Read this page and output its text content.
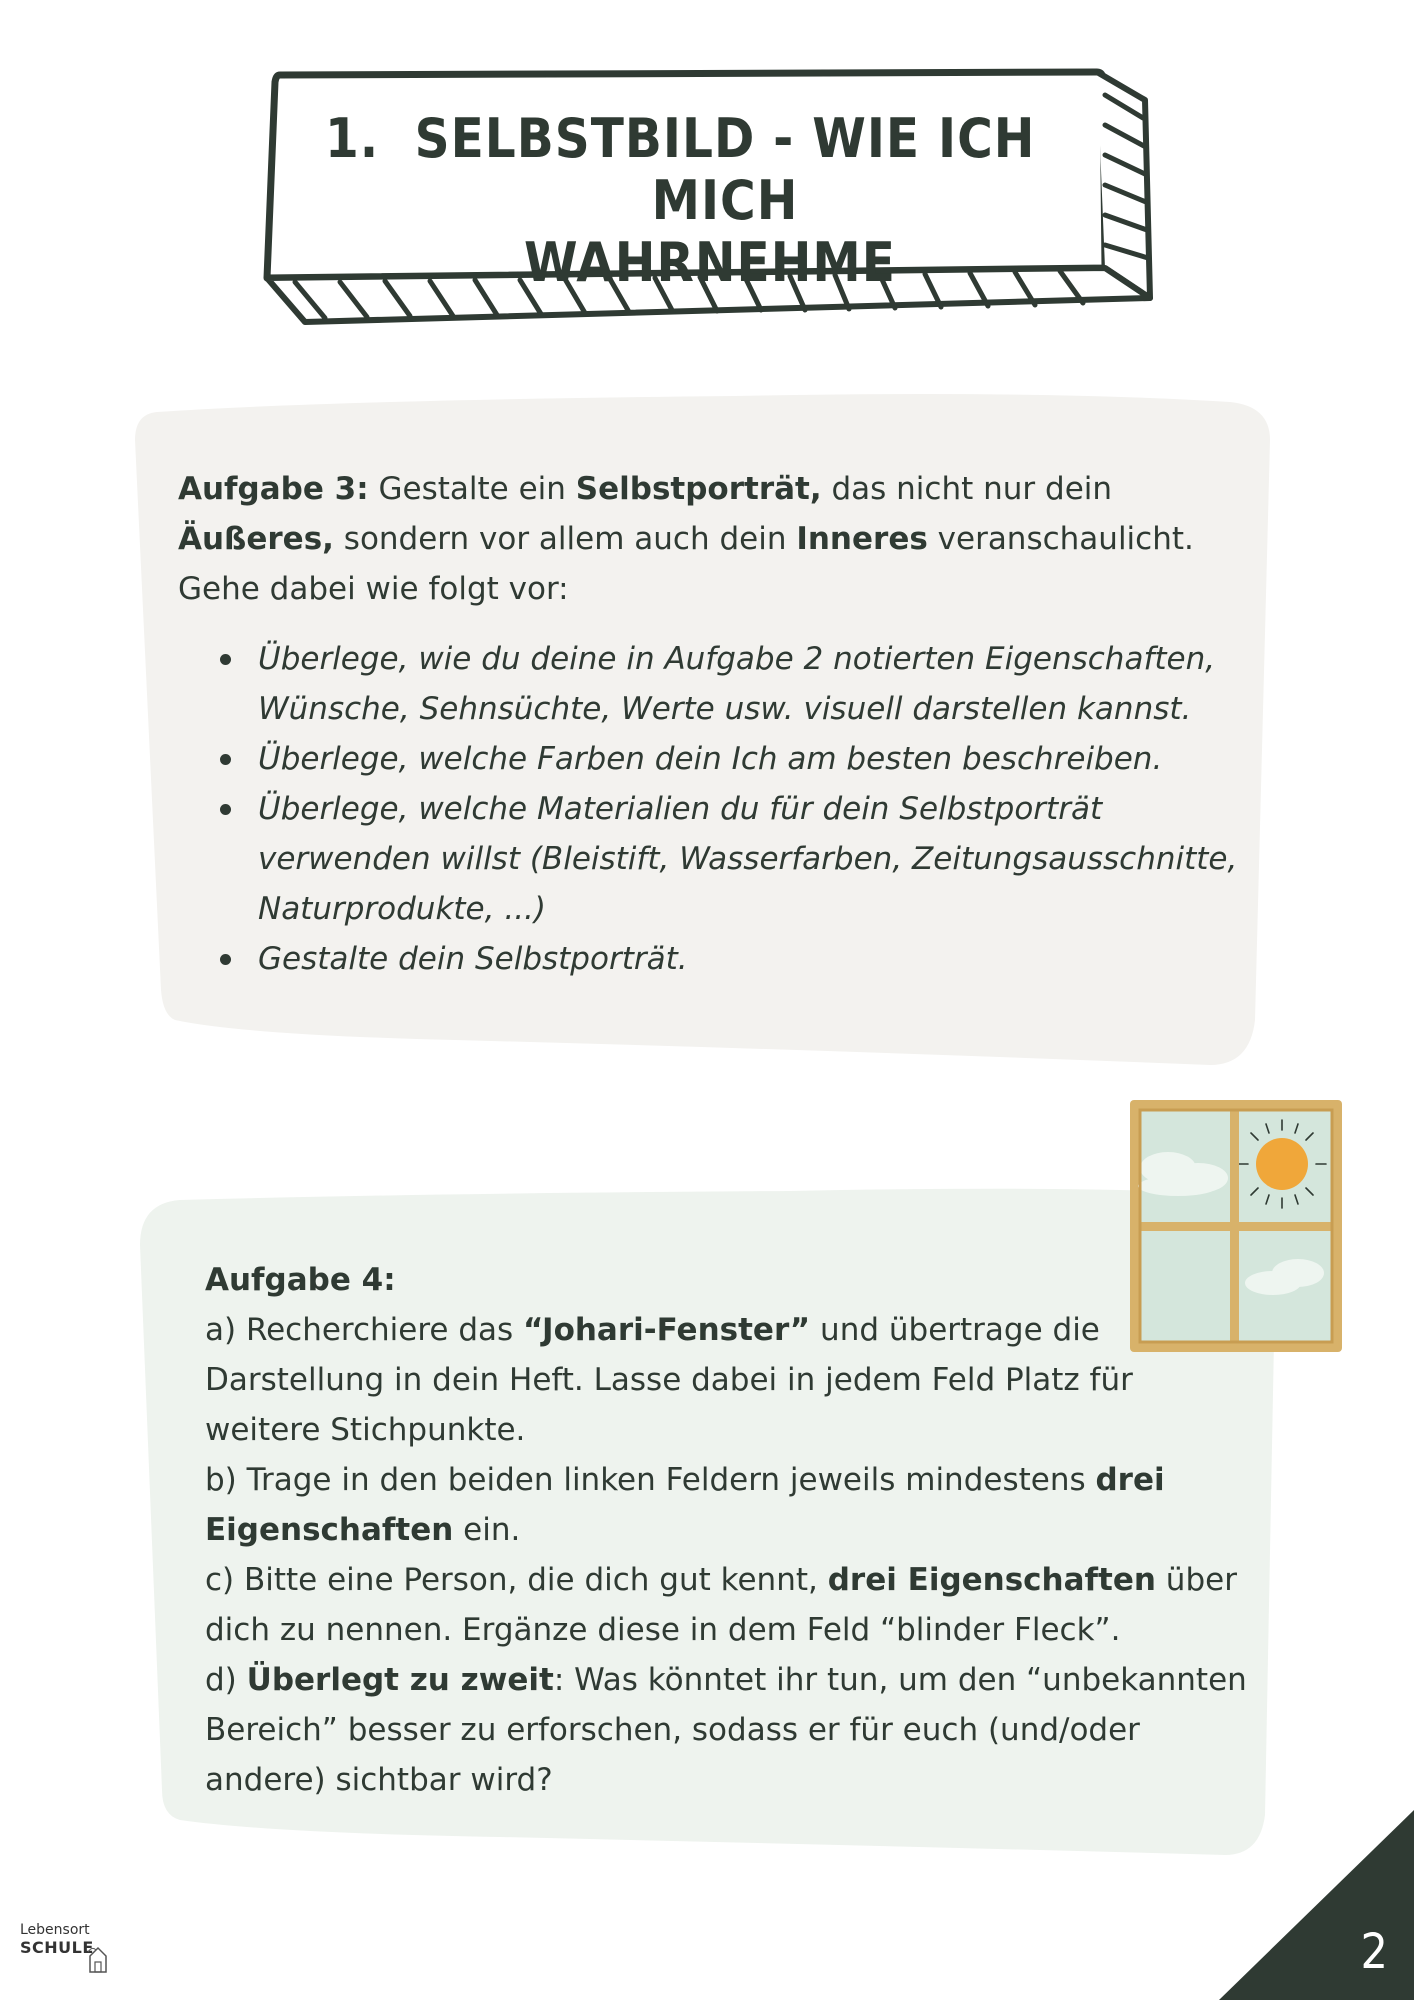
1. SELBSTBILD - WIE ICH MICH
WAHRNEHME
Aufgabe 3: Gestalte ein Selbstporträt, das nicht nur dein Äußeres, sondern vor allem auch dein Inneres veranschaulicht. Gehe dabei wie folgt vor:
Überlege, wie du deine in Aufgabe 2 notierten Eigenschaften, Wünsche, Sehnsüchte, Werte usw. visuell darstellen kannst.
Überlege, welche Farben dein Ich am besten beschreiben.
Überlege, welche Materialien du für dein Selbstporträt verwenden willst (Bleistift, Wasserfarben, Zeitungsausschnitte, Naturprodukte, ...)
Gestalte dein Selbstporträt.
Aufgabe 4:
a) Recherchiere das “Johari-Fenster” und übertrage die Darstellung in dein Heft. Lasse dabei in jedem Feld Platz für weitere Stichpunkte.
b) Trage in den beiden linken Feldern jeweils mindestens drei Eigenschaften ein.
c) Bitte eine Person, die dich gut kennt, drei Eigenschaften über dich zu nennen. Ergänze diese in dem Feld “blinder Fleck”.
d) Überlegt zu zweit: Was könntet ihr tun, um den “unbekannten Bereich” besser zu erforschen, sodass er für euch (und/oder andere) sichtbar wird?
Lebensort
SCHULE	2
